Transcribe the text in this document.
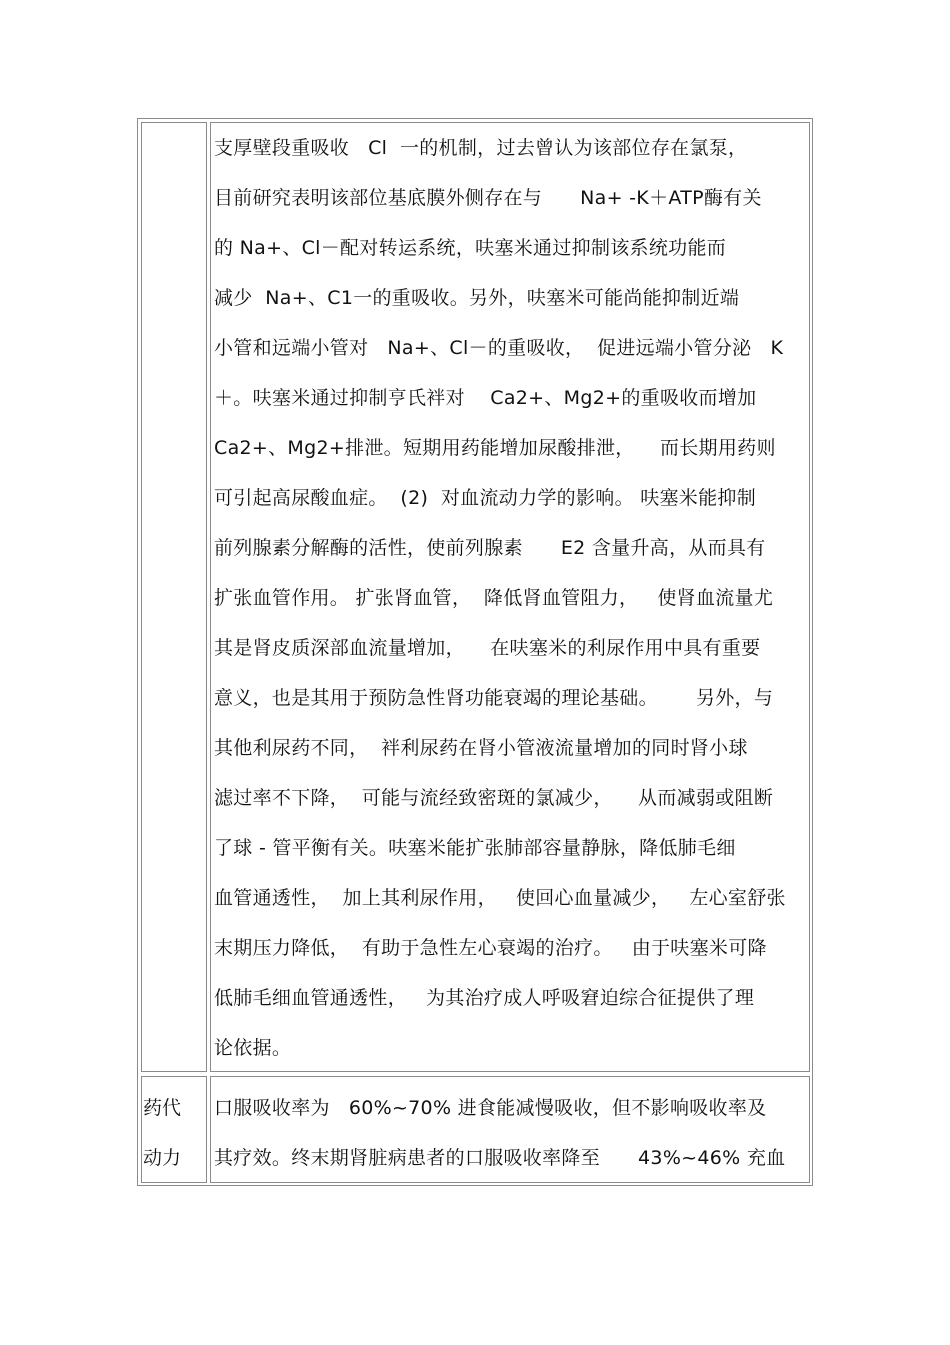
支厚壁段重吸收   Cl  一的机制，过去曾认为该部位存在氯泵，
目前研究表明该部位基底膜外侧存在与      Na+ -K＋ATP酶有关
的 Na+、Cl－配对转运系统，呋塞米通过抑制该系统功能而
减少  Na+、C1一的重吸收。另外，呋塞米可能尚能抑制近端
小管和远端小管对   Na+、Cl－的重吸收，  促进远端小管分泌   K
＋。呋塞米通过抑制亨氏袢对    Ca2+、Mg2+的重吸收而增加
Ca2+、Mg2+排泄。短期用药能增加尿酸排泄，    而长期用药则
可引起高尿酸血症。  (2)  对血流动力学的影响。 呋塞米能抑制
前列腺素分解酶的活性，使前列腺素      E2 含量升高，从而具有
扩张血管作用。 扩张肾血管，  降低肾血管阻力，   使肾血流量尤
其是肾皮质深部血流量增加，    在呋塞米的利尿作用中具有重要
意义，也是其用于预防急性肾功能衰竭的理论基础。      另外，与
其他利尿药不同，  袢利尿药在肾小管液流量增加的同时肾小球
滤过率不下降，  可能与流经致密斑的氯减少，    从而减弱或阻断
了球 - 管平衡有关。呋塞米能扩张肺部容量静脉，降低肺毛细
血管通透性，  加上其利尿作用，   使回心血量减少，   左心室舒张
末期压力降低，  有助于急性左心衰竭的治疗。   由于呋塞米可降
低肺毛细血管通透性，   为其治疗成人呼吸窘迫综合征提供了理
论依据。
药代
动力
口服吸收率为   60%~70% 进食能减慢吸收，但不影响吸收率及
其疗效。终末期肾脏病患者的口服吸收率降至      43%~46% 充血
